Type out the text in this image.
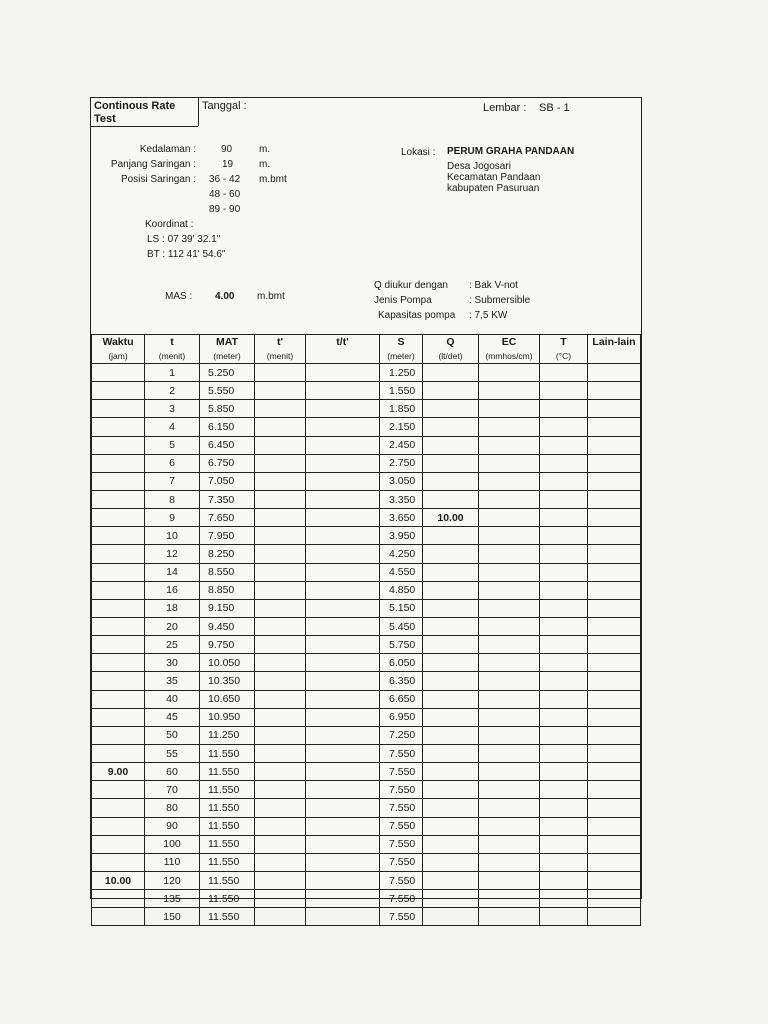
Continous Rate Test
Tanggal :	Lembar : SB - 1
Kedalaman :	90	m.
Panjang Saringan :	19	m.
Posisi Saringan : 36 - 42 m.bmt
48 - 60
89 - 90
Koordinat :
LS : 07 39' 32.1"
BT : 112 41' 54.6"
MAS : 4.00 m.bmt
Lokasi : PERUM GRAHA PANDAAN
Desa Jogosari
Kecamatan Pandaan
kabupaten Pasuruan
Q diukur dengan : Bak V-not
Jenis Pompa	: Submersible
Kapasitas pompa : 7,5 KW
Waktu	t	MAT	t'	t/t'	S	Q	EC	T	Lain-lain
(jam)	(menit)	(meter)	(menit)		(meter)	(lt/det)	(mmhos/cm)	(°C)	
	1	5.250			1.250				
	2	5.550			1.550				
	3	5.850			1.850				
	4	6.150			2.150				
	5	6.450			2.450				
	6	6.750			2.750				
	7	7.050			3.050				
	8	7.350			3.350				
	9	7.650			3.650	10.00			
	10	7.950			3.950				
	12	8.250			4.250				
	14	8.550			4.550				
	16	8.850			4.850				
	18	9.150			5.150				
	20	9.450			5.450				
	25	9.750			5.750				
	30	10.050			6.050				
	35	10.350			6.350				
	40	10.650			6.650				
	45	10.950			6.950				
	50	11.250			7.250				
	55	11.550			7.550				
9.00	60	11.550			7.550				
	70	11.550			7.550				
	80	11.550			7.550				
	90	11.550			7.550				
	100	11.550			7.550				
	110	11.550			7.550				
10.00	120	11.550			7.550				
	135	11.550			7.550				
	150	11.550			7.550				
